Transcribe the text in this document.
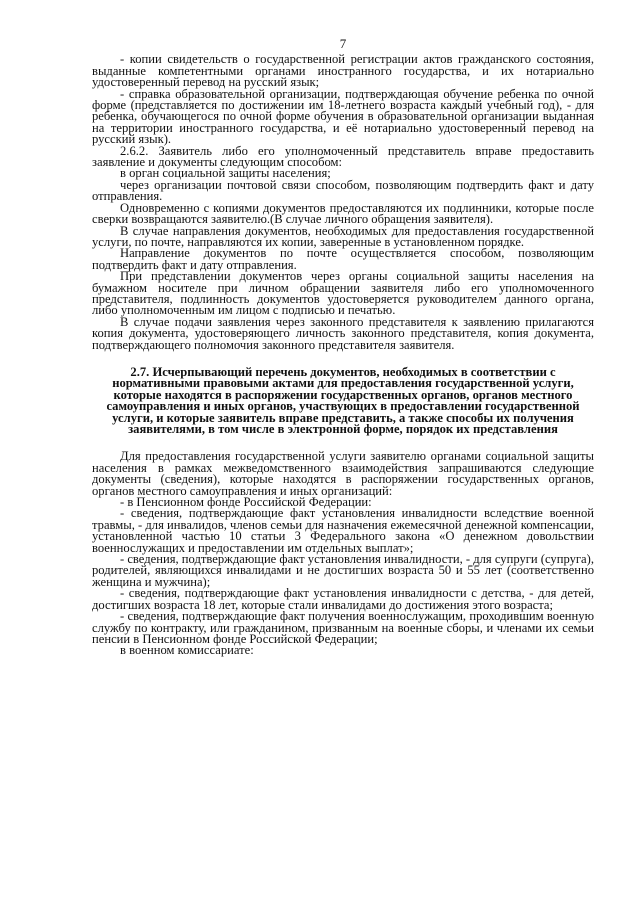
7

- копии свидетельств о государственной регистрации актов гражданского состояния, выданные компетентными органами иностранного государства, и их нотариально удостоверенный перевод на русский язык;

- справка образовательной организации, подтверждающая обучение ребенка по очной форме (представляется по достижении им 18-летнего возраста каждый учебный год), - для ребенка, обучающегося по очной форме обучения в образовательной организации выданная на территории иностранного государства, и её нотариально удостоверенный перевод на русский язык).

2.6.2. Заявитель либо его уполномоченный представитель вправе предоставить заявление и документы следующим способом:

в орган социальной защиты населения;

через организации почтовой связи способом, позволяющим подтвердить факт и дату отправления.

Одновременно с копиями документов предоставляются их подлинники, которые после сверки возвращаются заявителю.(В случае личного обращения заявителя).

В случае направления документов, необходимых для предоставления государственной услуги, по почте, направляются их копии, заверенные в установленном порядке.

Направление документов по почте осуществляется способом, позволяющим подтвердить факт и дату отправления.

При представлении документов через органы социальной защиты населения на бумажном носителе при личном обращении заявителя либо его уполномоченного представителя, подлинность документов удостоверяется руководителем данного органа, либо уполномоченным им лицом с подписью и печатью.

В случае подачи заявления через законного представителя к заявлению прилагаются копия документа, удостоверяющего личность законного представителя, копия документа, подтверждающего полномочия законного представителя заявителя.

2.7. Исчерпывающий перечень документов, необходимых в соответствии с нормативными правовыми актами для предоставления государственной услуги, которые находятся в распоряжении государственных органов, органов местного самоуправления и иных органов, участвующих в предоставлении государственной услуги, и которые заявитель вправе представить, а также способы их получения заявителями, в том числе в электронной форме, порядок их представления

Для предоставления государственной услуги заявителю органами социальной защиты населения в рамках межведомственного взаимодействия запрашиваются следующие документы (сведения), которые находятся в распоряжении государственных органов, органов местного самоуправления и иных организаций:

- в Пенсионном фонде Российской Федерации:

- сведения, подтверждающие факт установления инвалидности вследствие военной травмы, - для инвалидов, членов семьи для назначения ежемесячной денежной компенсации, установленной частью 10 статьи 3 Федерального закона «О денежном довольствии военнослужащих и предоставлении им отдельных выплат»;

- сведения, подтверждающие факт установления инвалидности, - для супруги (супруга), родителей, являющихся инвалидами и не достигших возраста 50 и 55 лет (соответственно женщина и мужчина);

- сведения, подтверждающие факт установления инвалидности с детства, - для детей, достигших возраста 18 лет, которые стали инвалидами до достижения этого возраста;

- сведения, подтверждающие факт получения военнослужащим, проходившим военную службу по контракту, или гражданином, призванным на военные сборы, и членами их семьи пенсии в Пенсионном фонде Российской Федерации;

в военном комиссариате:
